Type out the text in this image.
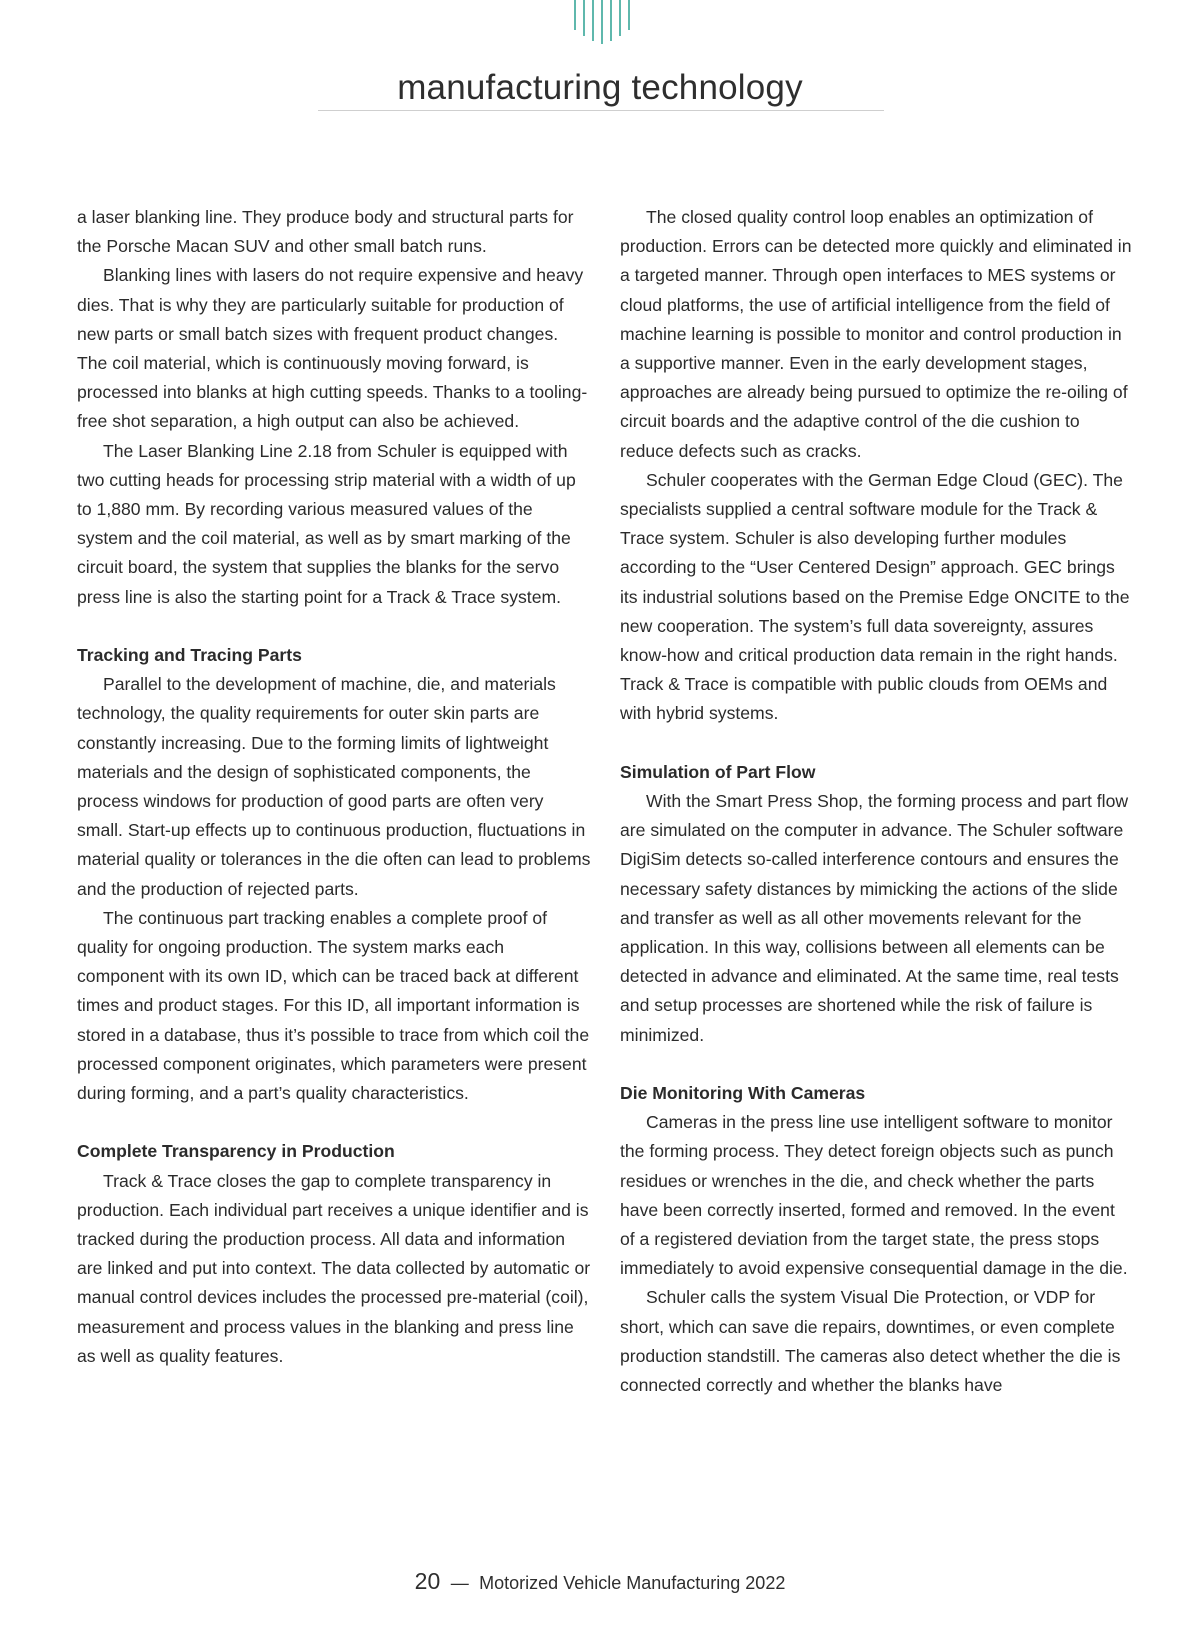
manufacturing technology

a laser blanking line. They produce body and structural parts for the Porsche Macan SUV and other small batch runs.

Blanking lines with lasers do not require expensive and heavy dies. That is why they are particularly suitable for production of new parts or small batch sizes with frequent product changes. The coil material, which is continuously moving forward, is processed into blanks at high cutting speeds. Thanks to a tooling-free shot separation, a high output can also be achieved.

The Laser Blanking Line 2.18 from Schuler is equipped with two cutting heads for processing strip material with a width of up to 1,880 mm. By recording various measured values of the system and the coil material, as well as by smart marking of the circuit board, the system that supplies the blanks for the servo press line is also the starting point for a Track & Trace system.

Tracking and Tracing Parts

Parallel to the development of machine, die, and materials technology, the quality requirements for outer skin parts are constantly increasing. Due to the forming limits of lightweight materials and the design of sophisticated components, the process windows for production of good parts are often very small. Start-up effects up to continuous production, fluctuations in material quality or tolerances in the die often can lead to problems and the production of rejected parts.

The continuous part tracking enables a complete proof of quality for ongoing production. The system marks each component with its own ID, which can be traced back at different times and product stages. For this ID, all important information is stored in a database, thus it’s possible to trace from which coil the processed component originates, which parameters were present during forming, and a part’s quality characteristics.

Complete Transparency in Production

Track & Trace closes the gap to complete transparency in production. Each individual part receives a unique identifier and is tracked during the production process. All data and information are linked and put into context. The data collected by automatic or manual control devices includes the processed pre-material (coil), measurement and process values in the blanking and press line as well as quality features.

The closed quality control loop enables an optimization of production. Errors can be detected more quickly and eliminated in a targeted manner. Through open interfaces to MES systems or cloud platforms, the use of artificial intelligence from the field of machine learning is possible to monitor and control production in a supportive manner. Even in the early development stages, approaches are already being pursued to optimize the re-oiling of circuit boards and the adaptive control of the die cushion to reduce defects such as cracks.

Schuler cooperates with the German Edge Cloud (GEC). The specialists supplied a central software module for the Track & Trace system. Schuler is also developing further modules according to the “User Centered Design” approach. GEC brings its industrial solutions based on the Premise Edge ONCITE to the new cooperation. The system’s full data sovereignty, assures know-how and critical production data remain in the right hands. Track & Trace is compatible with public clouds from OEMs and with hybrid systems.

Simulation of Part Flow

With the Smart Press Shop, the forming process and part flow are simulated on the computer in advance. The Schuler software DigiSim detects so-called interference contours and ensures the necessary safety distances by mimicking the actions of the slide and transfer as well as all other movements relevant for the application. In this way, collisions between all elements can be detected in advance and eliminated. At the same time, real tests and setup processes are shortened while the risk of failure is minimized.

Die Monitoring With Cameras

Cameras in the press line use intelligent software to monitor the forming process. They detect foreign objects such as punch residues or wrenches in the die, and check whether the parts have been correctly inserted, formed and removed. In the event of a registered deviation from the target state, the press stops immediately to avoid expensive consequential damage in the die.

Schuler calls the system Visual Die Protection, or VDP for short, which can save die repairs, downtimes, or even complete production standstill. The cameras also detect whether the die is connected correctly and whether the blanks have

20 — Motorized Vehicle Manufacturing 2022
